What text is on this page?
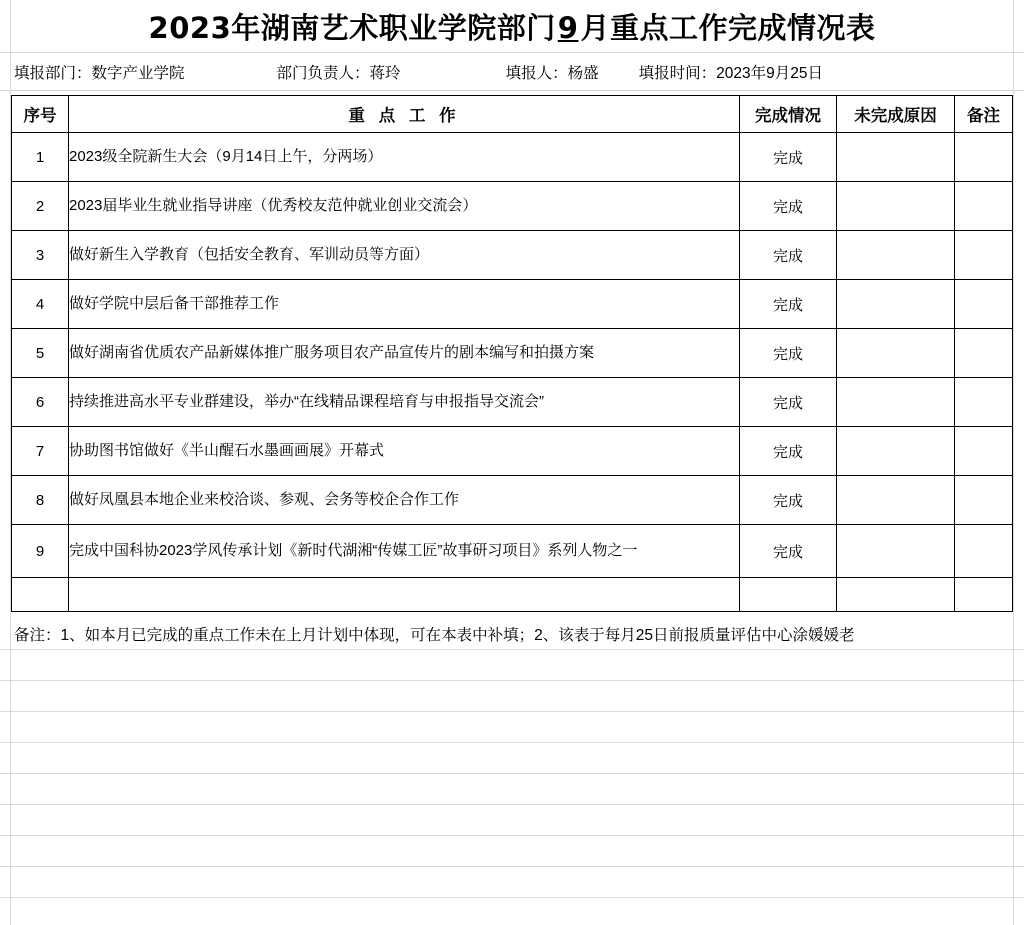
2023年湖南艺术职业学院部门9月重点工作完成情况表
填报部门： 数字产业学院	部门负责人： 蒋玲	填报人： 杨盛	填报时间： 2023年9月25日
序号	重 点 工 作	完成情况	未完成原因	备注
1	2023级全院新生大会（9月14日上午，分两场）	完成		
2	2023届毕业生就业指导讲座（优秀校友范仲就业创业交流会）	完成		
3	做好新生入学教育（包括安全教育、军训动员等方面）	完成		
4	做好学院中层后备干部推荐工作	完成		
5	做好湖南省优质农产品新媒体推广服务项目农产品宣传片的剧本编写和拍摄方案	完成		
6	持续推进高水平专业群建设，举办“在线精品课程培育与申报指导交流会”	完成		
7	协助图书馆做好《半山醒石水墨画画展》开幕式	完成		
8	做好凤凰县本地企业来校洽谈、参观、会务等校企合作工作	完成		
9	完成中国科协2023学风传承计划《新时代湖湘“传媒工匠”故事研习项目》系列人物之一	完成		

备注：1、如本月已完成的重点工作未在上月计划中体现，可在本表中补填；2、该表于每月25日前报质量评估中心涂媛媛老
